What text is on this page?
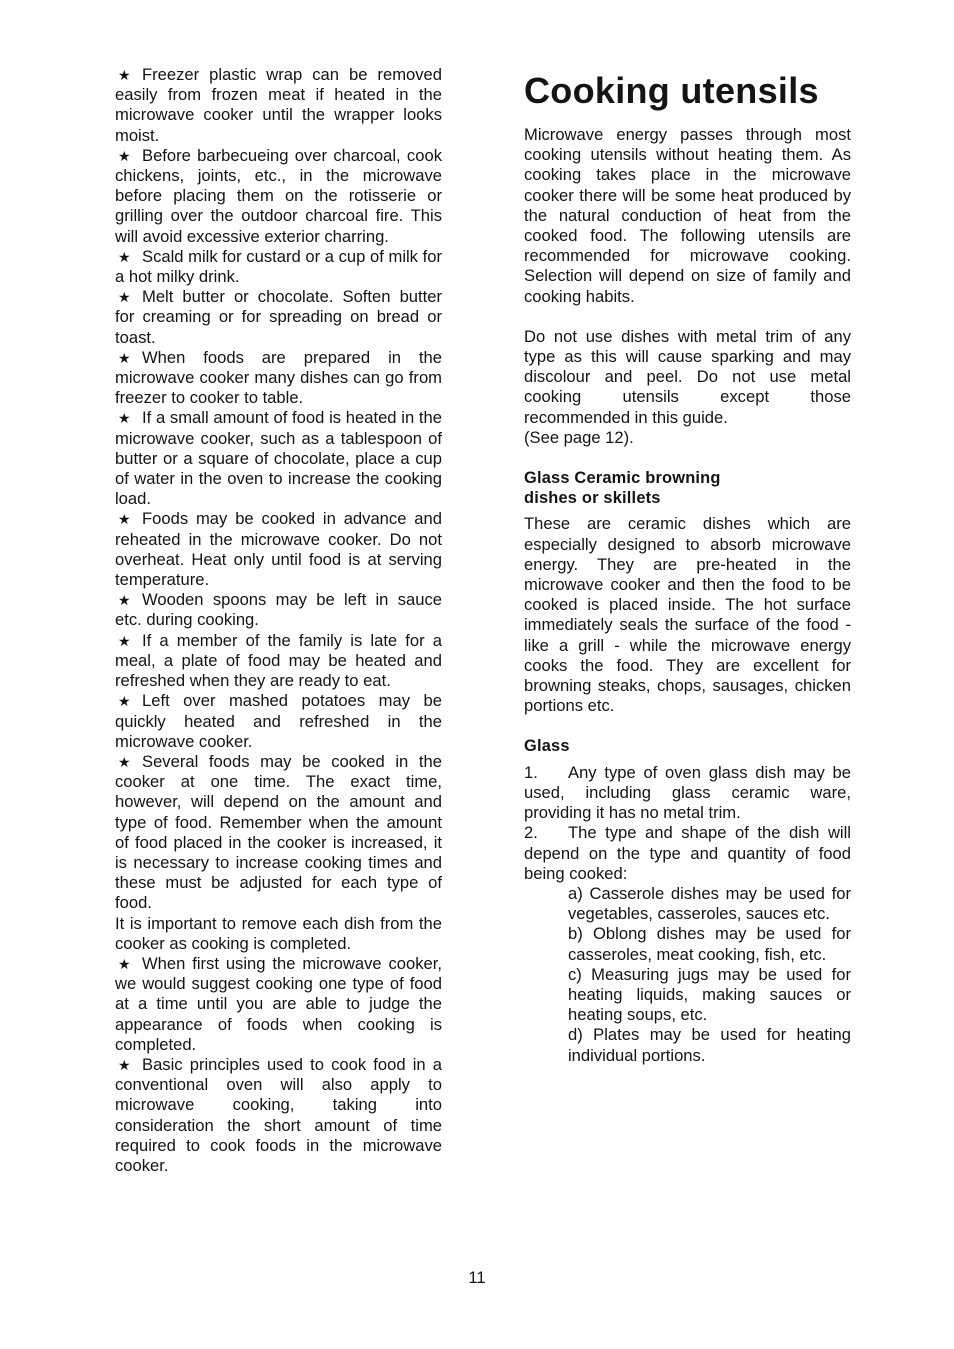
★ Freezer plastic wrap can be removed easily from frozen meat if heated in the microwave cooker until the wrapper looks moist.

★ Before barbecueing over charcoal, cook chickens, joints, etc., in the microwave before placing them on the rotisserie or grilling over the outdoor charcoal fire. This will avoid excessive exterior charring.

★ Scald milk for custard or a cup of milk for a hot milky drink.

★ Melt butter or chocolate. Soften butter for creaming or for spreading on bread or toast.

★ When foods are prepared in the microwave cooker many dishes can go from freezer to cooker to table.

★ If a small amount of food is heated in the microwave cooker, such as a tablespoon of butter or a square of chocolate, place a cup of water in the oven to increase the cooking load.

★ Foods may be cooked in advance and reheated in the microwave cooker. Do not overheat. Heat only until food is at serving temperature.

★ Wooden spoons may be left in sauce etc. during cooking.

★ If a member of the family is late for a meal, a plate of food may be heated and refreshed when they are ready to eat.

★ Left over mashed potatoes may be quickly heated and refreshed in the microwave cooker.

★ Several foods may be cooked in the cooker at one time. The exact time, however, will depend on the amount and type of food. Remember when the amount of food placed in the cooker is increased, it is necessary to increase cooking times and these must be adjusted for each type of food.

It is important to remove each dish from the cooker as cooking is completed.

★ When first using the microwave cooker, we would suggest cooking one type of food at a time until you are able to judge the appearance of foods when cooking is completed.

★ Basic principles used to cook food in a conventional oven will also apply to microwave cooking, taking into consideration the short amount of time required to cook foods in the microwave cooker.

Cooking utensils

Microwave energy passes through most cooking utensils without heating them. As cooking takes place in the microwave cooker there will be some heat produced by the natural conduction of heat from the cooked food. The following utensils are recommended for microwave cooking. Selection will depend on size of family and cooking habits.

Do not use dishes with metal trim of any type as this will cause sparking and may discolour and peel. Do not use metal cooking utensils except those recommended in this guide.

(See page 12).

Glass Ceramic browning
dishes or skillets

These are ceramic dishes which are especially designed to absorb microwave energy. They are pre-heated in the microwave cooker and then the food to be cooked is placed inside. The hot surface immediately seals the surface of the food - like a grill - while the microwave energy cooks the food. They are excellent for browning steaks, chops, sausages, chicken portions etc.

Glass

1. Any type of oven glass dish may be used, including glass ceramic ware, providing it has no metal trim.

2. The type and shape of the dish will depend on the type and quantity of food being cooked:

a) Casserole dishes may be used for vegetables, casseroles, sauces etc.

b) Oblong dishes may be used for casseroles, meat cooking, fish, etc.

c) Measuring jugs may be used for heating liquids, making sauces or heating soups, etc.

d) Plates may be used for heating individual portions.

11
